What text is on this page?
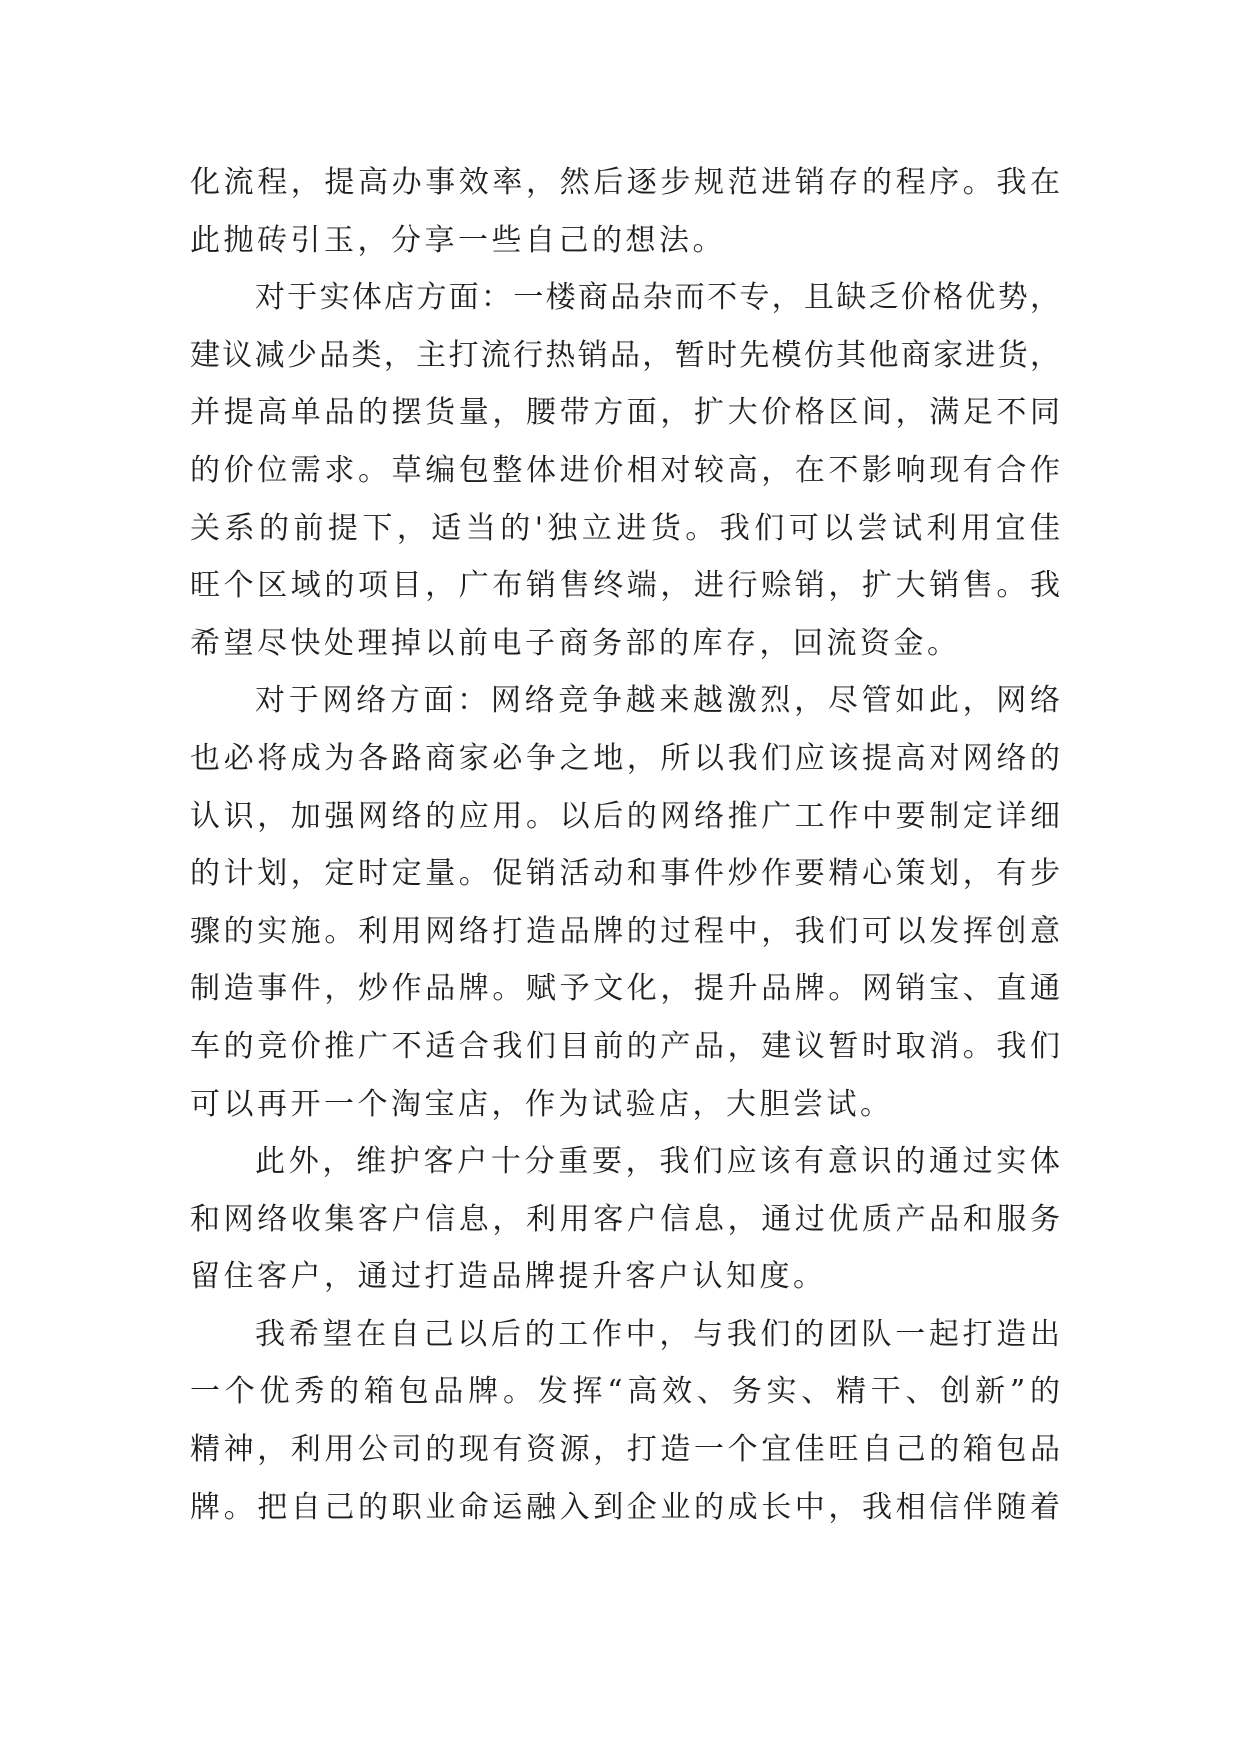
化流程，提高办事效率，然后逐步规范进销存的程序。我在
此抛砖引玉，分享一些自己的想法。
对于实体店方面：一楼商品杂而不专，且缺乏价格优势，
建议减少品类，主打流行热销品，暂时先模仿其他商家进货，
并提高单品的摆货量，腰带方面，扩大价格区间，满足不同
的价位需求。草编包整体进价相对较高，在不影响现有合作
关系的前提下，适当的'独立进货。我们可以尝试利用宜佳
旺个区域的项目，广布销售终端，进行赊销，扩大销售。我
希望尽快处理掉以前电子商务部的库存，回流资金。
对于网络方面：网络竞争越来越激烈，尽管如此，网络
也必将成为各路商家必争之地，所以我们应该提高对网络的
认识，加强网络的应用。以后的网络推广工作中要制定详细
的计划，定时定量。促销活动和事件炒作要精心策划，有步
骤的实施。利用网络打造品牌的过程中，我们可以发挥创意
制造事件，炒作品牌。赋予文化，提升品牌。网销宝、直通
车的竞价推广不适合我们目前的产品，建议暂时取消。我们
可以再开一个淘宝店，作为试验店，大胆尝试。
此外，维护客户十分重要，我们应该有意识的通过实体
和网络收集客户信息，利用客户信息，通过优质产品和服务
留住客户，通过打造品牌提升客户认知度。
我希望在自己以后的工作中，与我们的团队一起打造出
一个优秀的箱包品牌。发挥“高效、务实、精干、创新”的
精神，利用公司的现有资源，打造一个宜佳旺自己的箱包品
牌。把自己的职业命运融入到企业的成长中，我相信伴随着
